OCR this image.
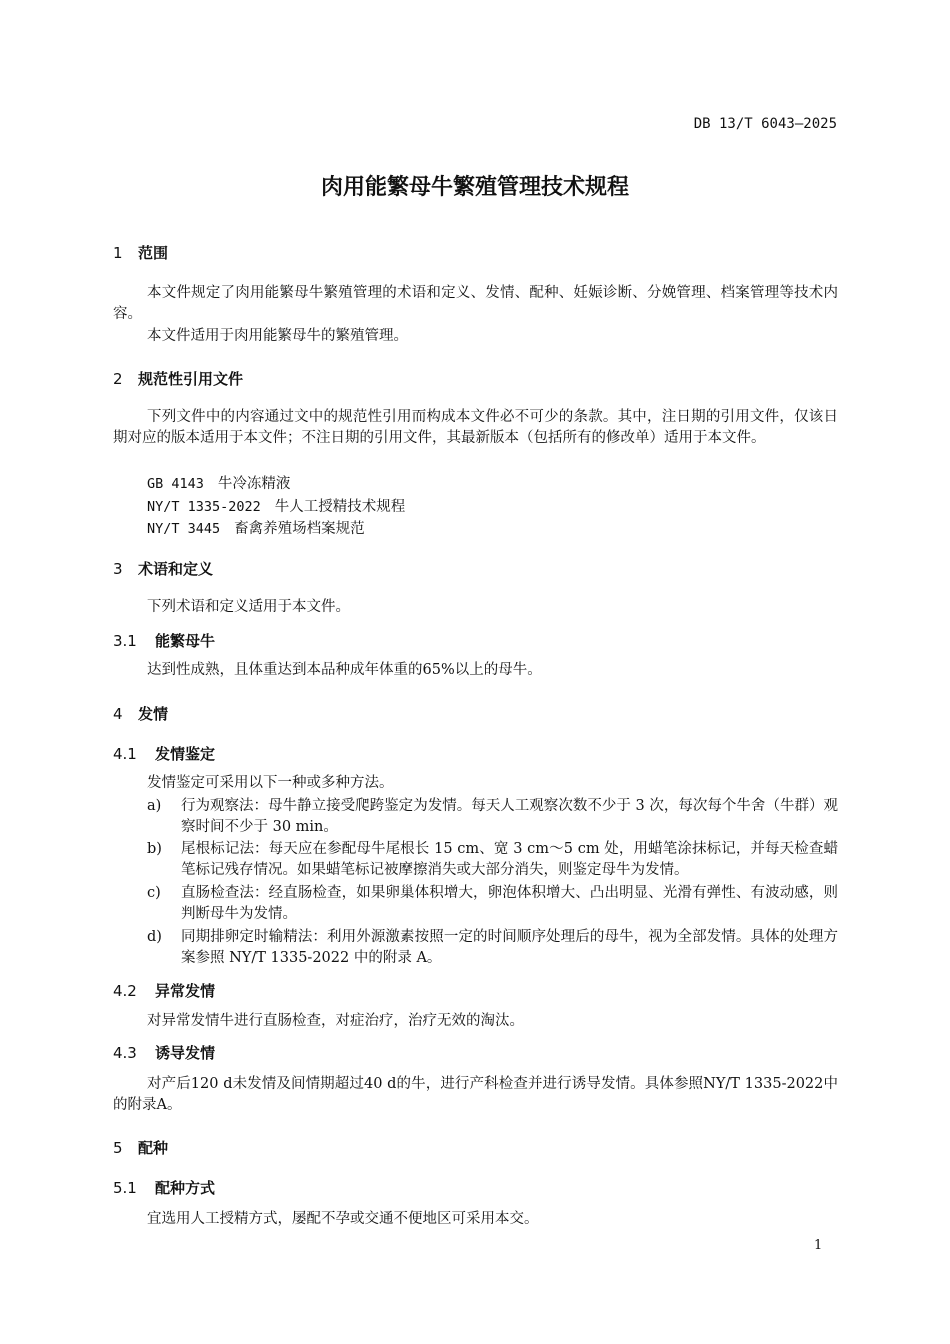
DB 13/T 6043—2025
肉用能繁母牛繁殖管理技术规程
1 范围
本文件规定了肉用能繁母牛繁殖管理的术语和定义、发情、配种、妊娠诊断、分娩管理、档案管理等技术内容。
本文件适用于肉用能繁母牛的繁殖管理。
2 规范性引用文件
下列文件中的内容通过文中的规范性引用而构成本文件必不可少的条款。其中，注日期的引用文件，仅该日期对应的版本适用于本文件；不注日期的引用文件，其最新版本（包括所有的修改单）适用于本文件。
GB 4143 牛冷冻精液
NY/T 1335-2022 牛人工授精技术规程
NY/T 3445 畜禽养殖场档案规范
3 术语和定义
下列术语和定义适用于本文件。
3.1 能繁母牛
达到性成熟，且体重达到本品种成年体重的65%以上的母牛。
4 发情
4.1 发情鉴定
发情鉴定可采用以下一种或多种方法。
a) 行为观察法：母牛静立接受爬跨鉴定为发情。每天人工观察次数不少于 3 次，每次每个牛舍（牛群）观察时间不少于 30 min。
b) 尾根标记法：每天应在参配母牛尾根长 15 cm、宽 3 cm～5 cm 处，用蜡笔涂抹标记，并每天检查蜡笔标记残存情况。如果蜡笔标记被摩擦消失或大部分消失，则鉴定母牛为发情。
c) 直肠检查法：经直肠检查，如果卵巢体积增大，卵泡体积增大、凸出明显、光滑有弹性、有波动感，则判断母牛为发情。
d) 同期排卵定时输精法：利用外源激素按照一定的时间顺序处理后的母牛，视为全部发情。具体的处理方案参照 NY/T 1335-2022 中的附录 A。
4.2 异常发情
对异常发情牛进行直肠检查，对症治疗，治疗无效的淘汰。
4.3 诱导发情
对产后120 d未发情及间情期超过40 d的牛，进行产科检查并进行诱导发情。具体参照NY/T 1335-2022中的附录A。
5 配种
5.1 配种方式
宜选用人工授精方式，屡配不孕或交通不便地区可采用本交。
1
